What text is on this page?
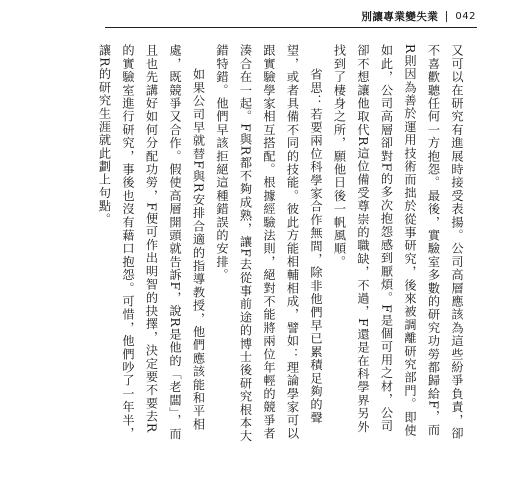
別讓專業變失業 042

又可以在研究有進展時接受表揚。公司高層應該為這些紛爭負責，卻不喜歡聽任何一方抱怨。最後，實驗室多數的研究功勞都歸給F，而R則因為善於運用技術而拙於從事研究，後來被調離研究部門。即使如此，公司高層卻對F的多次抱怨感到厭煩。F是個可用之材，公司卻不想讓他取代R這位備受尊崇的職缺，不過，F還是在科學界另外找到了棲身之所，願他日後一帆風順。

省思：若要兩位科學家合作無間，除非他們早已累積足夠的聲望，或者具備不同的技能。彼此方能相輔相成，譬如：理論學家可以跟實驗學家相互搭配。根據經驗法則，絕對不能將兩位年輕的競爭者湊合在一起。F與R都不夠成熟，讓F去從事前途的博士後研究根本大錯特錯。他們早該拒絕這種錯誤的安排。

如果公司早就替F與R安排合適的指導教授，他們應該能和平相處，既競爭又合作。假使高層開頭就告訴F，說R是他的「老闆」，而且也先講好如何分配功勞，F便可作出明智的抉擇，決定要不要去R的實驗室進行研究，事後也沒有藉口抱怨。可惜，他們吵了一年半，讓R的研究生涯就此劃上句點。
